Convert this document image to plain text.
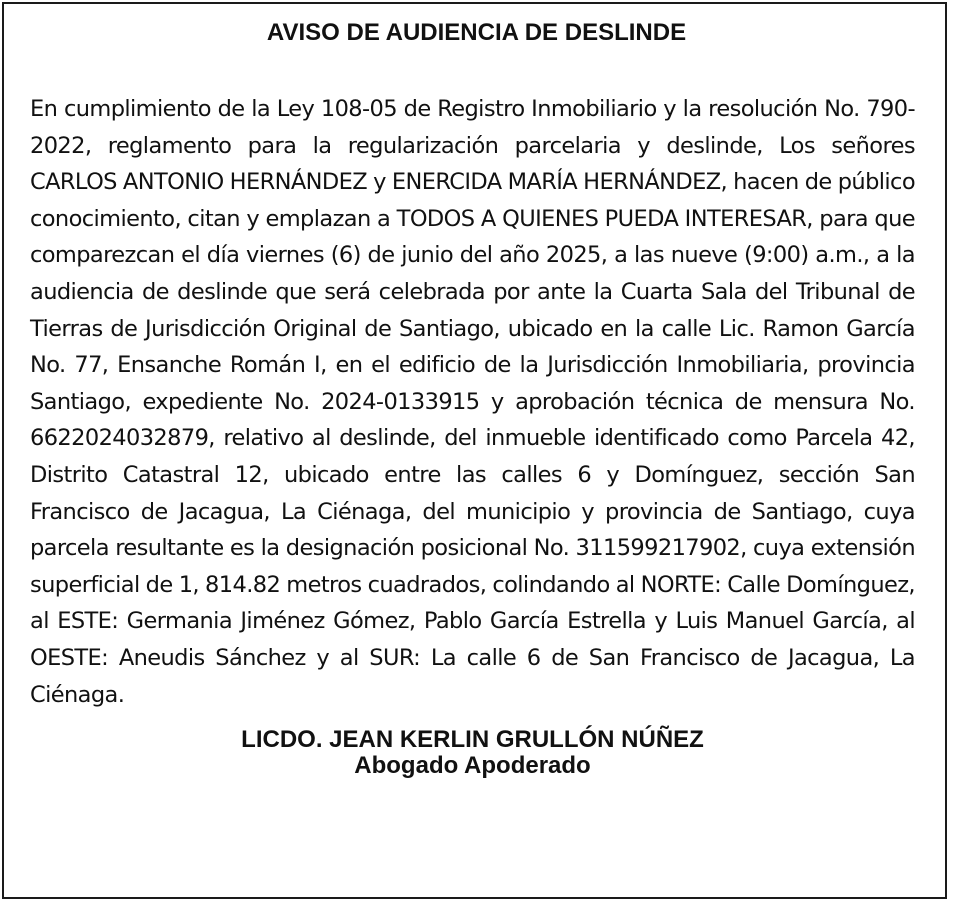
AVISO DE AUDIENCIA DE DESLINDE
En cumplimiento de la Ley 108-05 de Registro Inmobiliario y la resolución No. 790-2022, reglamento para la regularización parcelaria y deslinde, Los señores CARLOS ANTONIO HERNÁNDEZ y ENERCIDA MARÍA HERNÁNDEZ, hacen de público conocimiento, citan y emplazan a TODOS A QUIENES PUEDA INTERESAR, para que comparezcan el día viernes (6) de junio del año 2025, a las nueve (9:00) a.m., a la audiencia de deslinde que será celebrada por ante la Cuarta Sala del Tribunal de Tierras de Jurisdicción Original de Santiago, ubicado en la calle Lic. Ramon García No. 77, Ensanche Román I, en el edificio de la Jurisdicción Inmobiliaria, provincia Santiago, expediente No. 2024-0133915 y aprobación técnica de mensura No. 6622024032879, relativo al deslinde, del inmueble identificado como Parcela 42, Distrito Catastral 12, ubicado entre las calles 6 y Domínguez, sección San Francisco de Jacagua, La Ciénaga, del municipio y provincia de Santiago, cuya parcela resultante es la designación posicional No. 311599217902, cuya extensión superficial de 1, 814.82 metros cuadrados, colindando al NORTE: Calle Domínguez, al ESTE: Germania Jiménez Gómez, Pablo García Estrella y Luis Manuel García, al OESTE: Aneudis Sánchez y al SUR: La calle 6 de San Francisco de Jacagua, La Ciénaga.
LICDO. JEAN KERLIN GRULLÓN NÚÑEZ
Abogado Apoderado
